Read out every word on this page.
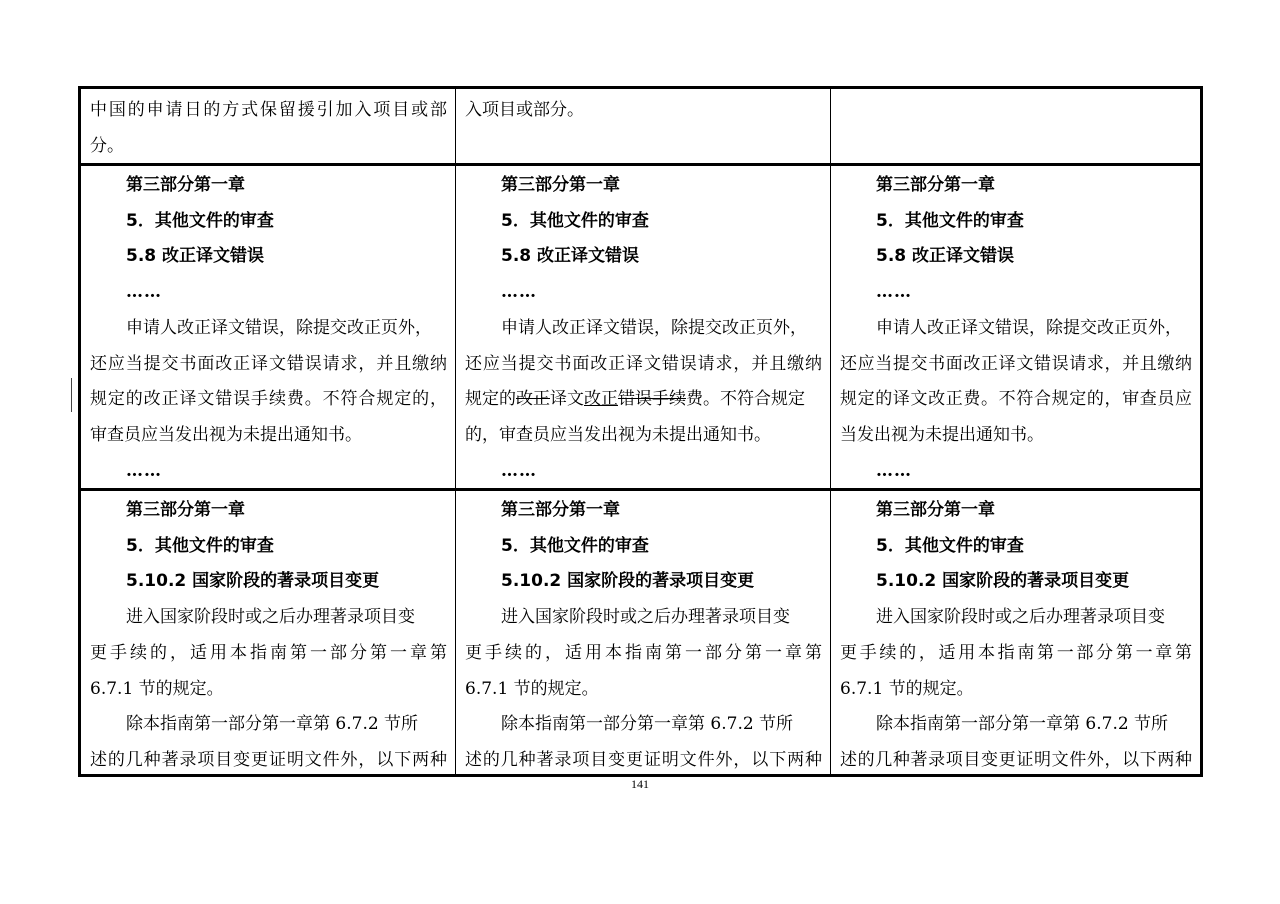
中国的申请日的方式保留援引加入项目或部
分。
入项目或部分。
第三部分第一章
5．其他文件的审查
5.8 改正译文错误
……
申请人改正译文错误，除提交改正页外，
还应当提交书面改正译文错误请求，并且缴纳
规定的改正译文错误手续费。不符合规定的，
审查员应当发出视为未提出通知书。
……
第三部分第一章
5．其他文件的审查
5.8 改正译文错误
……
申请人改正译文错误，除提交改正页外，
还应当提交书面改正译文错误请求，并且缴纳
规定的改正译文改正错误手续费。不符合规定
的，审查员应当发出视为未提出通知书。
……
第三部分第一章
5．其他文件的审查
5.8 改正译文错误
……
申请人改正译文错误，除提交改正页外，
还应当提交书面改正译文错误请求，并且缴纳
规定的译文改正费。不符合规定的，审查员应
当发出视为未提出通知书。
……
第三部分第一章
5．其他文件的审查
5.10.2 国家阶段的著录项目变更
进入国家阶段时或之后办理著录项目变
更手续的，适用本指南第一部分第一章第
6.7.1 节的规定。
除本指南第一部分第一章第 6.7.2 节所
述的几种著录项目变更证明文件外，以下两种
第三部分第一章
5．其他文件的审查
5.10.2 国家阶段的著录项目变更
进入国家阶段时或之后办理著录项目变
更手续的，适用本指南第一部分第一章第
6.7.1 节的规定。
除本指南第一部分第一章第 6.7.2 节所
述的几种著录项目变更证明文件外，以下两种
第三部分第一章
5．其他文件的审查
5.10.2 国家阶段的著录项目变更
进入国家阶段时或之后办理著录项目变
更手续的，适用本指南第一部分第一章第
6.7.1 节的规定。
除本指南第一部分第一章第 6.7.2 节所
述的几种著录项目变更证明文件外，以下两种
141
